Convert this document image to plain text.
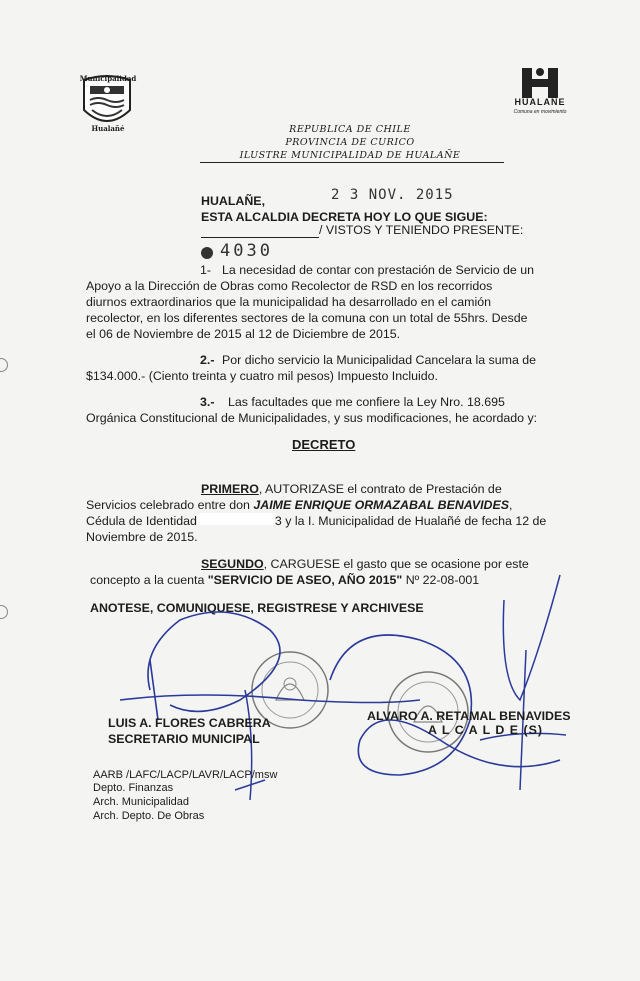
Municipalidad
Hualañé
HUALAÑE
Comuna en movimiento
REPUBLICA DE CHILE
PROVINCIA DE CURICO
ILUSTRE MUNICIPALIDAD DE HUALAÑE
HUALAÑE,	2 3 NOV. 2015
ESTA ALCALDIA DECRETA HOY LO QUE SIGUE:
/ VISTOS Y TENIENDO PRESENTE:
4030
1- La necesidad de contar con prestación de Servicio de un
Apoyo a la Dirección de Obras como Recolector de RSD en los recorridos
diurnos extraordinarios que la municipalidad ha desarrollado en el camión
recolector, en los diferentes sectores de la comuna con un total de 55hrs. Desde
el 06 de Noviembre de 2015 al 12 de Diciembre de 2015.
2.- Por dicho servicio la Municipalidad Cancelara la suma de
$134.000.- (Ciento treinta y cuatro mil pesos) Impuesto Incluido.
3.- Las facultades que me confiere la Ley Nro. 18.695
Orgánica Constitucional de Municipalidades, y sus modificaciones, he acordado y:
DECRETO
PRIMERO, AUTORIZASE el contrato de Prestación de
Servicios celebrado entre don JAIME ENRIQUE ORMAZABAL BENAVIDES,
Cédula de Identidad	3 y la I. Municipalidad de Hualañé de fecha 12 de
Noviembre de 2015.
SEGUNDO, CARGUESE el gasto que se ocasione por este
concepto a la cuenta "SERVICIO DE ASEO, AÑO 2015" Nº 22-08-001
ANOTESE, COMUNIQUESE, REGISTRESE Y ARCHIVESE
LUIS A. FLORES CABRERA
SECRETARIO MUNICIPAL
ALVARO A. RETAMAL BENAVIDES
A L C A L D E (S)
AARB /LAFC/LACP/LAVR/LACP/msw
Depto. Finanzas
Arch. Municipalidad
Arch. Depto. De Obras
